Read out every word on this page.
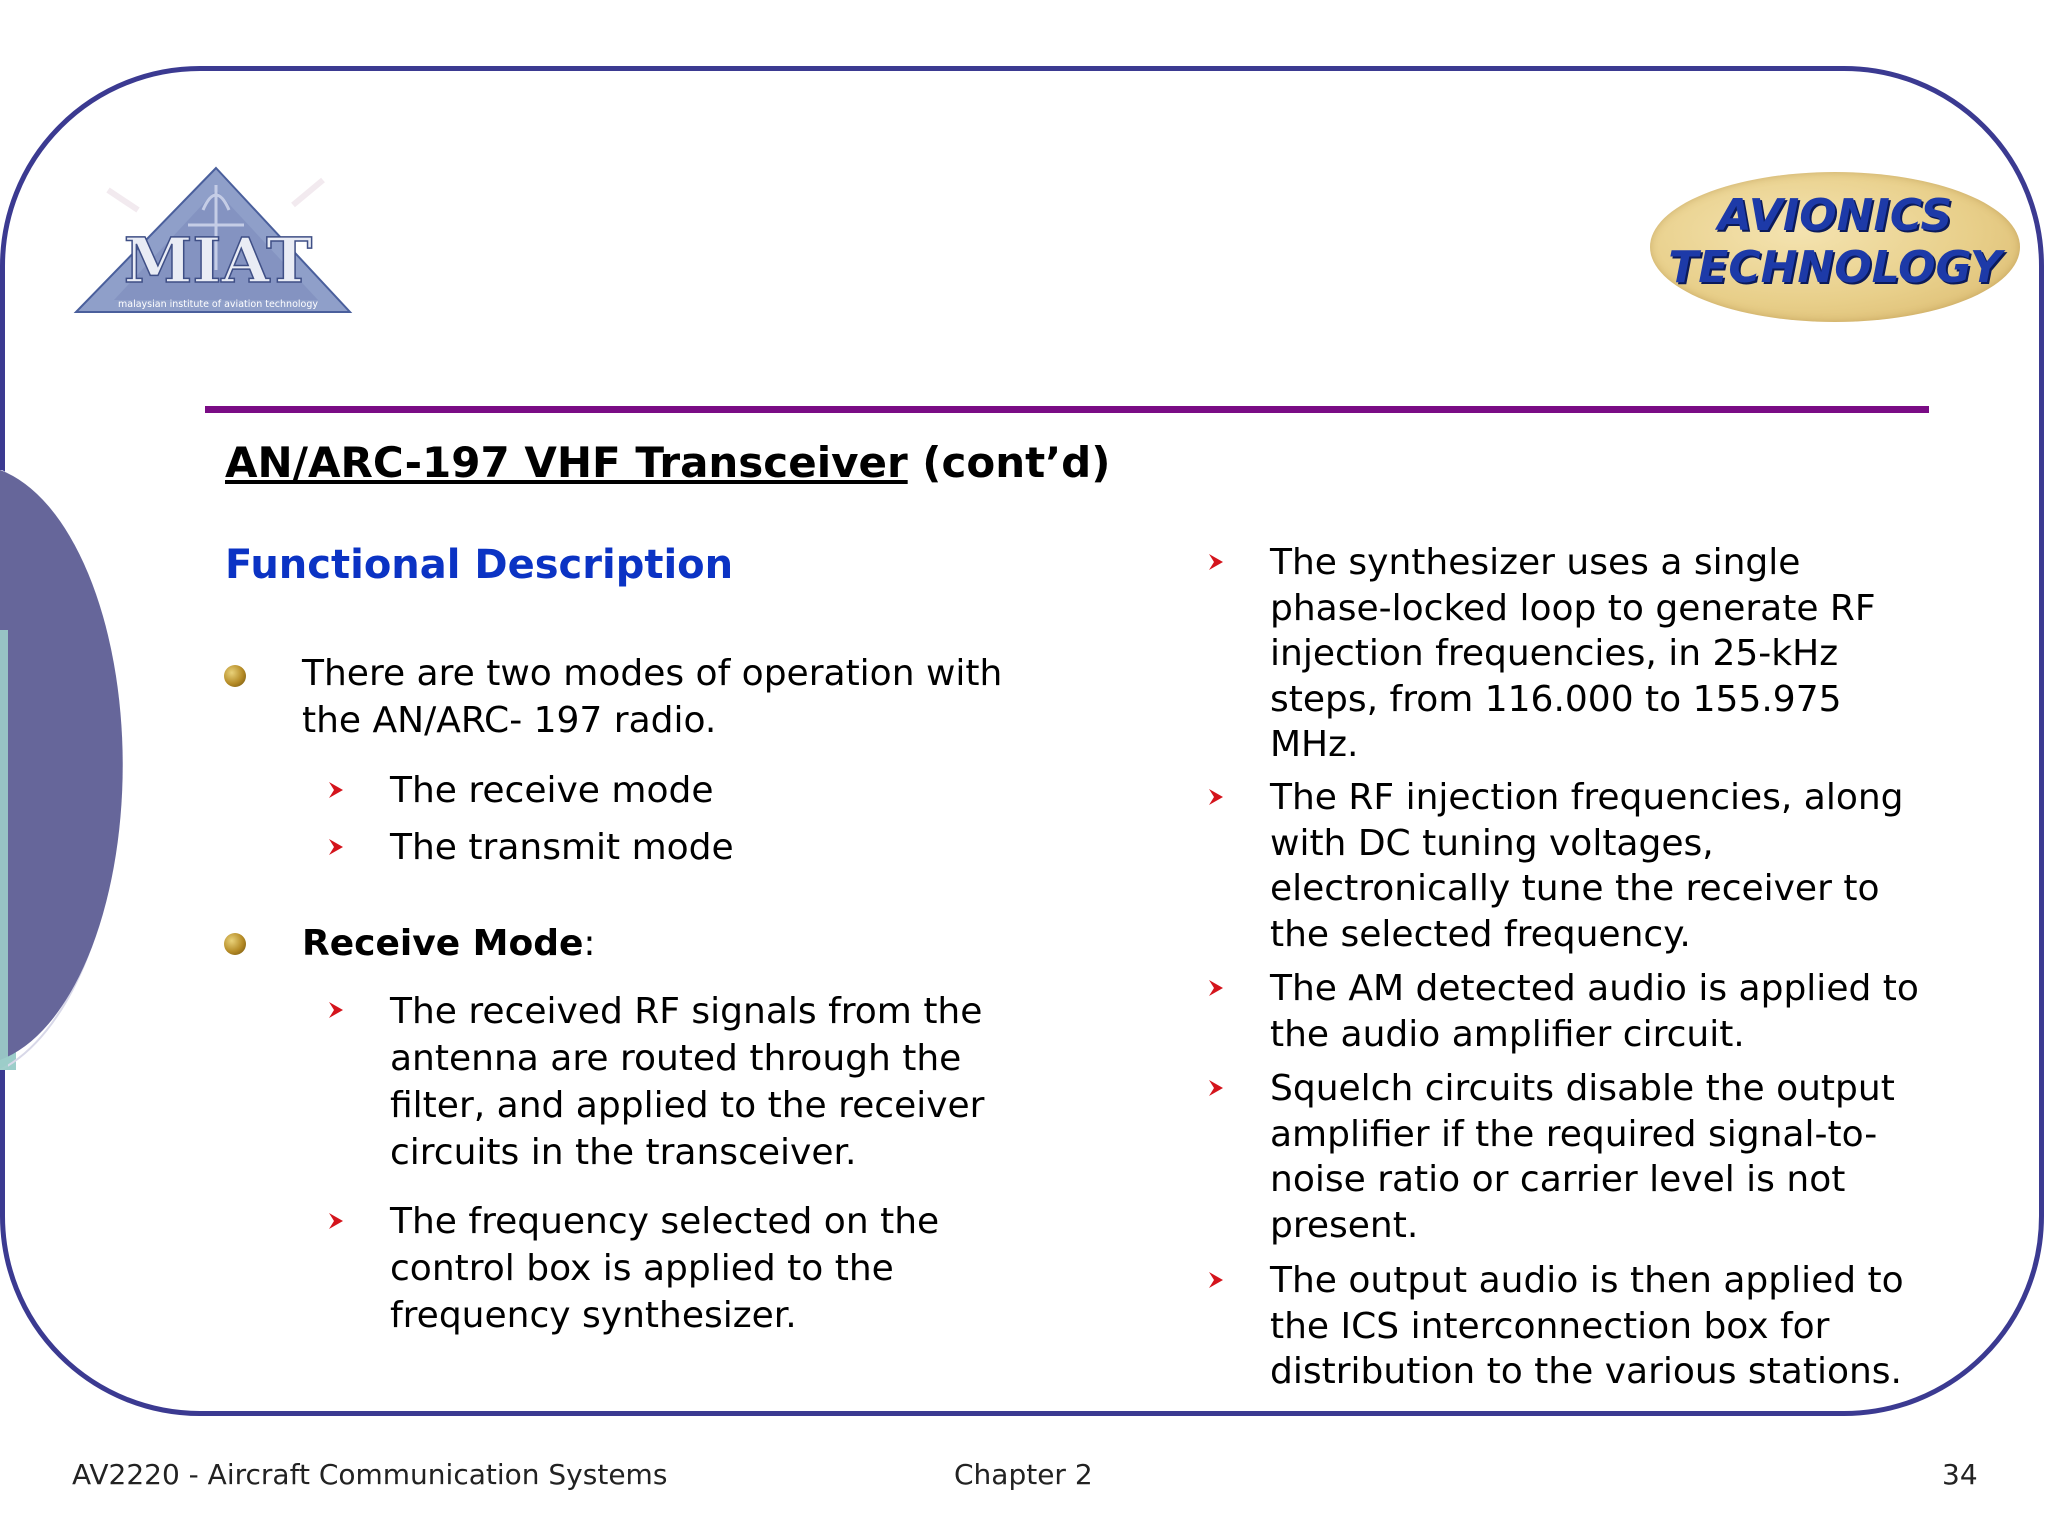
MIAT
malaysian institute of aviation technology
AVIONICS
TECHNOLOGY
AN/ARC-197 VHF Transceiver (cont’d)
Functional Description
There are two modes of operation with
the AN/ARC- 197 radio.
The receive mode
The transmit mode
Receive Mode:
The received RF signals from the
antenna are routed through the
filter, and applied to the receiver
circuits in the transceiver.
The frequency selected on the
control box is applied to the
frequency synthesizer.
The synthesizer uses a single
phase-locked loop to generate RF
injection frequencies, in 25-kHz
steps, from 116.000 to 155.975
MHz.
The RF injection frequencies, along
with DC tuning voltages,
electronically tune the receiver to
the selected frequency.
The AM detected audio is applied to
the audio amplifier circuit.
Squelch circuits disable the output
amplifier if the required signal-to-
noise ratio or carrier level is not
present.
The output audio is then applied to
the ICS interconnection box for
distribution to the various stations.
AV2220 - Aircraft Communication Systems	Chapter 2	34
